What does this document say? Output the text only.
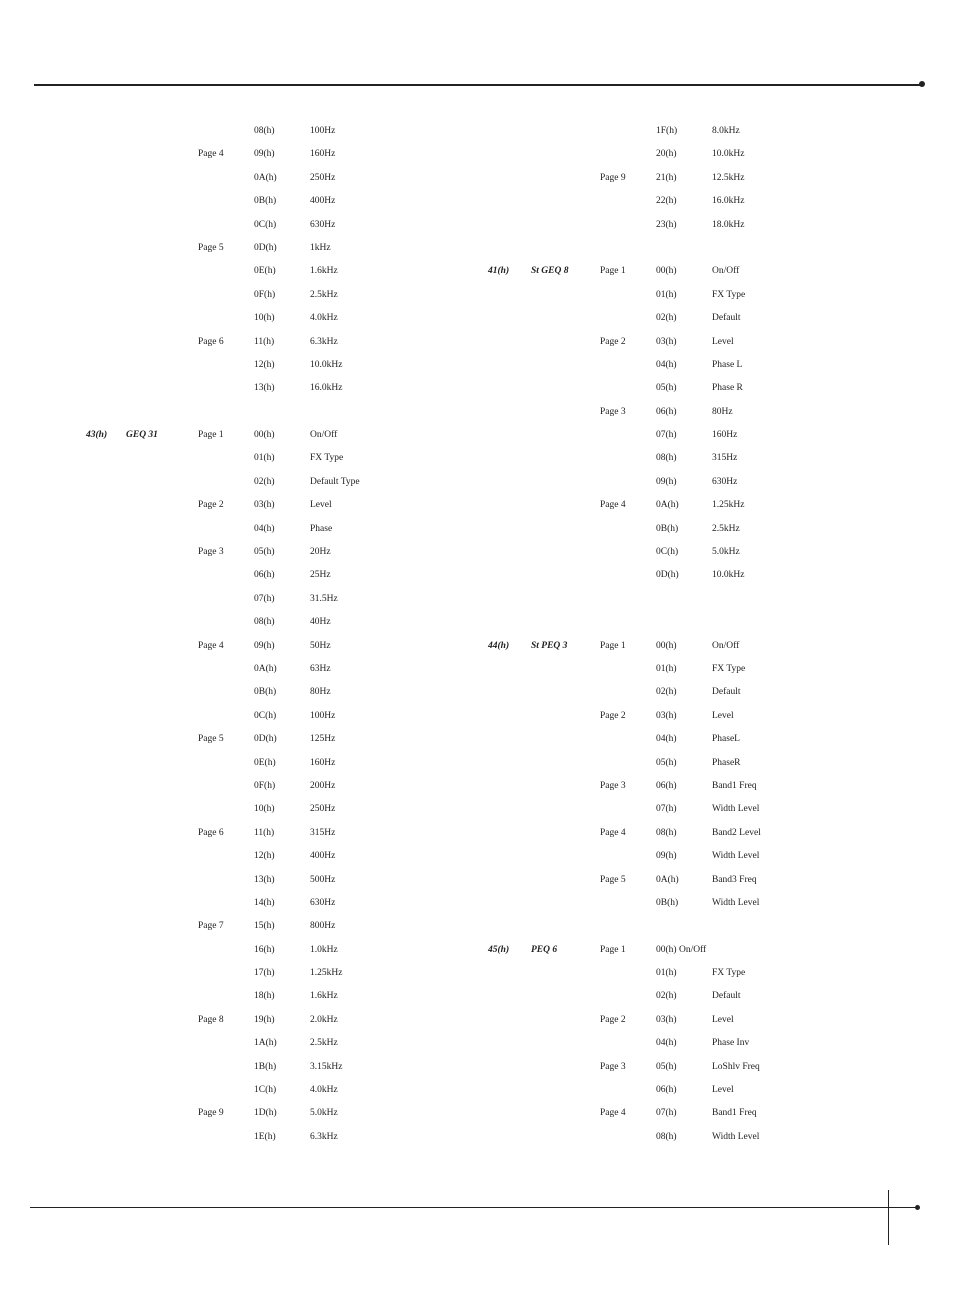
08(h)	100Hz
Page 4	09(h)	160Hz
0A(h)	250Hz
0B(h)	400Hz
0C(h)	630Hz
Page 5	0D(h)	1kHz
0E(h)	1.6kHz
0F(h)	2.5kHz
10(h)	4.0kHz
Page 6	11(h)	6.3kHz
12(h)	10.0kHz
13(h)	16.0kHz
43(h) GEQ 31	Page 1	00(h)	On/Off
01(h)	FX Type
02(h)	Default Type
Page 2	03(h)	Level
04(h)	Phase
Page 3	05(h)	20Hz
06(h)	25Hz
07(h)	31.5Hz
08(h)	40Hz
Page 4	09(h)	50Hz
0A(h)	63Hz
0B(h)	80Hz
0C(h)	100Hz
Page 5	0D(h)	125Hz
0E(h)	160Hz
0F(h)	200Hz
10(h)	250Hz
Page 6	11(h)	315Hz
12(h)	400Hz
13(h)	500Hz
14(h)	630Hz
Page 7	15(h)	800Hz
16(h)	1.0kHz
17(h)	1.25kHz
18(h)	1.6kHz
Page 8	19(h)	2.0kHz
1A(h)	2.5kHz
1B(h)	3.15kHz
1C(h)	4.0kHz
Page 9	1D(h)	5.0kHz
1E(h)	6.3kHz
1F(h)	8.0kHz
20(h)	10.0kHz
Page 9	21(h)	12.5kHz
22(h)	16.0kHz
23(h)	18.0kHz
41(h) St GEQ 8	Page 1	00(h)	On/Off
01(h)	FX Type
02(h)	Default
Page 2	03(h)	Level
04(h)	Phase L
05(h)	Phase R
Page 3	06(h)	80Hz
07(h)	160Hz
08(h)	315Hz
09(h)	630Hz
Page 4	0A(h)	1.25kHz
0B(h)	2.5kHz
0C(h)	5.0kHz
0D(h)	10.0kHz
44(h) St PEQ 3	Page 1	00(h)	On/Off
01(h)	FX Type
02(h)	Default
Page 2	03(h)	Level
04(h)	PhaseL
05(h)	PhaseR
Page 3	06(h)	Band1 Freq
07(h)	Width Level
Page 4	08(h)	Band2 Level
09(h)	Width Level
Page 5	0A(h)	Band3 Freq
0B(h)	Width Level
45(h) PEQ 6	Page 1	00(h) On/Off
01(h)	FX Type
02(h)	Default
Page 2	03(h)	Level
04(h)	Phase Inv
Page 3	05(h)	LoShlv Freq
06(h)	Level
Page 4	07(h)	Band1 Freq
08(h)	Width Level
